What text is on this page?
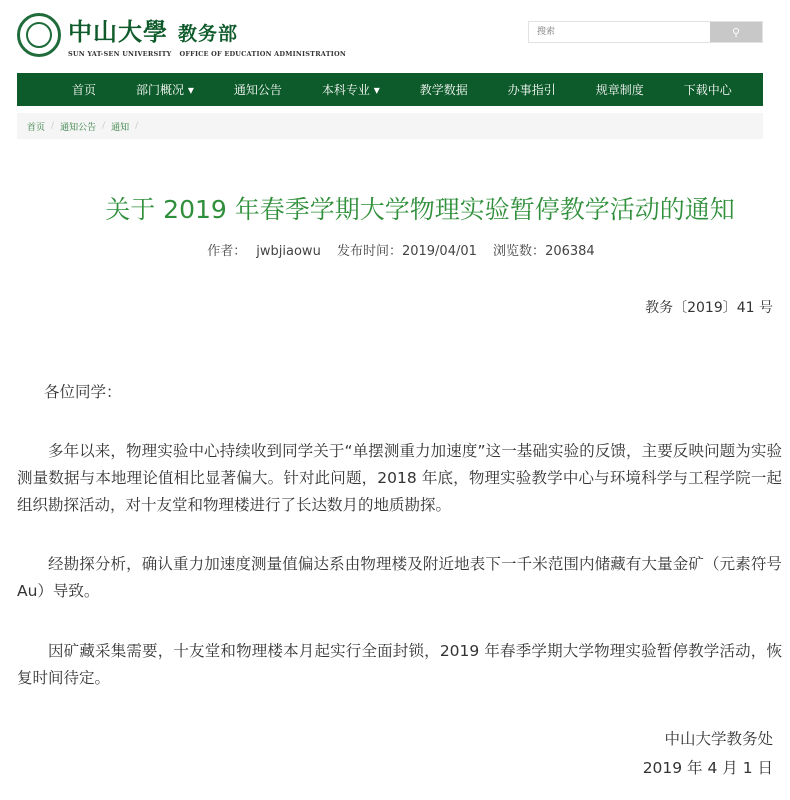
中山大學 教务部
SUN YAT-SEN UNIVERSITY OFFICE OF EDUCATION ADMINISTRATION
搜索
⚲
首页	部门概况 ▾	通知公告	本科专业 ▾	教学数据	办事指引	规章制度	下载中心
首页 / 通知公告 / 通知 /
关于 2019 年春季学期大学物理实验暂停教学活动的通知
作者： jwbjiaowu 发布时间：2019/04/01 浏览数：206384
教务〔2019〕41 号
各位同学：
多年以来，物理实验中心持续收到同学关于“单摆测重力加速度”这一基础实验的反馈，主要反映问题为实验测量数据与本地理论值相比显著偏大。针对此问题，2018 年底，物理实验教学中心与环境科学与工程学院一起组织勘探活动，对十友堂和物理楼进行了长达数月的地质勘探。
经勘探分析，确认重力加速度测量值偏达系由物理楼及附近地表下一千米范围内储藏有大量金矿（元素符号 Au）导致。
因矿藏采集需要，十友堂和物理楼本月起实行全面封锁，2019 年春季学期大学物理实验暂停教学活动，恢复时间待定。
中山大学教务处
2019 年 4 月 1 日
